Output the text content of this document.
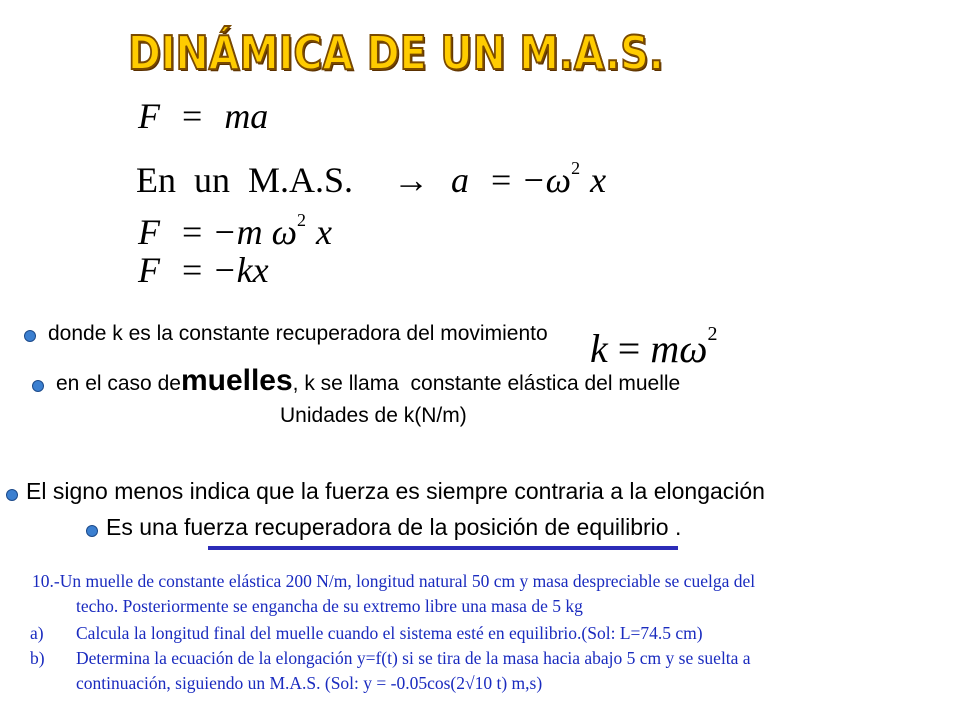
DINÁMICA DE UN M.A.S.
F = ma
En  un  M.A.S. → $a = -\omega^2$ x
F = −m $\omega^2$ x
F = −kx
donde k es la constante recuperadora del movimiento $k = m\omega^2$
en el caso demuelles, k se llama  constante elástica del muelle
Unidades de k(N/m)
El signo menos indica que la fuerza es siempre contraria a la elongación
Es una fuerza recuperadora de la posición de equilibrio .
10.-Un muelle de constante elástica 200 N/m, longitud natural 50 cm y masa despreciable se cuelga del
techo. Posteriormente se engancha de su extremo libre una masa de 5 kg
a) Calcula la longitud final del muelle cuando el sistema esté en equilibrio.(Sol: L=74.5 cm)
b) Determina la ecuación de la elongación y=f(t) si se tira de la masa hacia abajo 5 cm y se suelta a
continuación, siguiendo un M.A.S. (Sol: y = -0.05cos(2√10 t) m,s)
